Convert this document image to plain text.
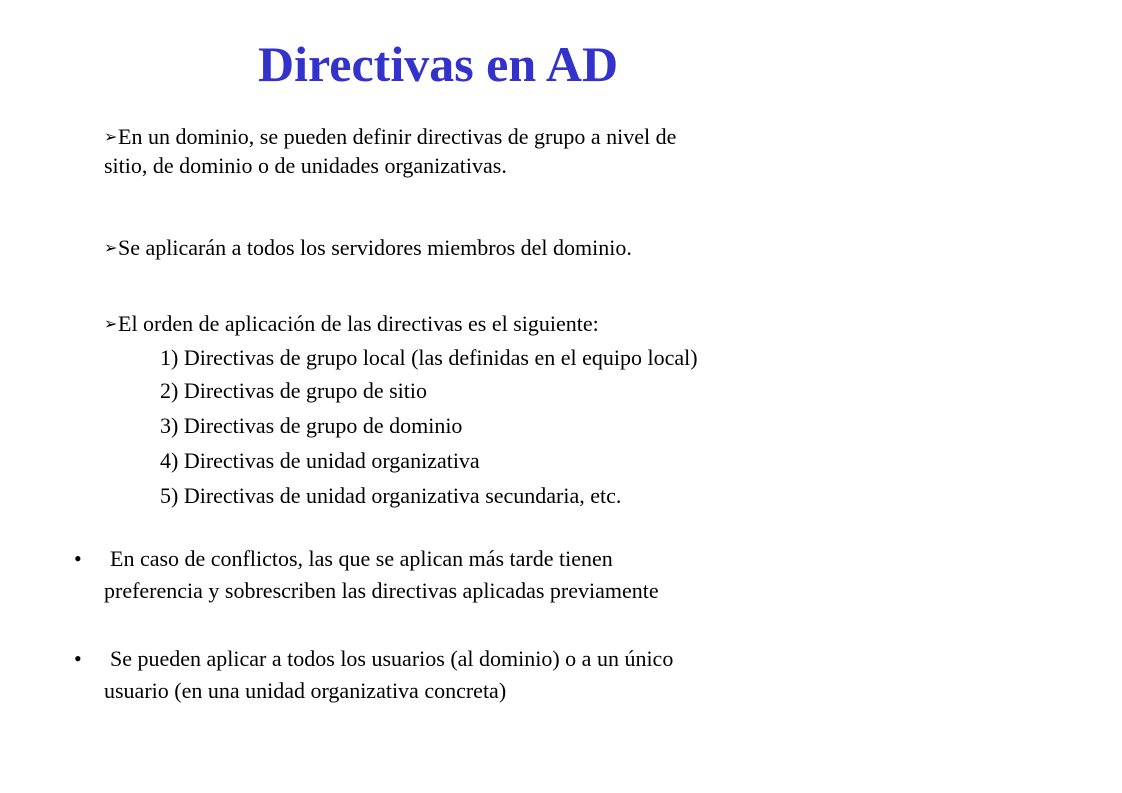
Directivas en AD
➢ En un dominio, se pueden definir directivas de grupo a nivel de
sitio, de dominio o de unidades organizativas.
➢ Se aplicarán a todos los servidores miembros del dominio.
➢ El orden de aplicación de las directivas es el siguiente:
1) Directivas de grupo local (las definidas en el equipo local)
2) Directivas de grupo de sitio
3) Directivas de grupo de dominio
4) Directivas de unidad organizativa
5) Directivas de unidad organizativa secundaria, etc.
• En caso de conflictos, las que se aplican más tarde tienen
preferencia y sobrescriben las directivas aplicadas previamente
• Se pueden aplicar a todos los usuarios (al dominio) o a un único
usuario (en una unidad organizativa concreta)
